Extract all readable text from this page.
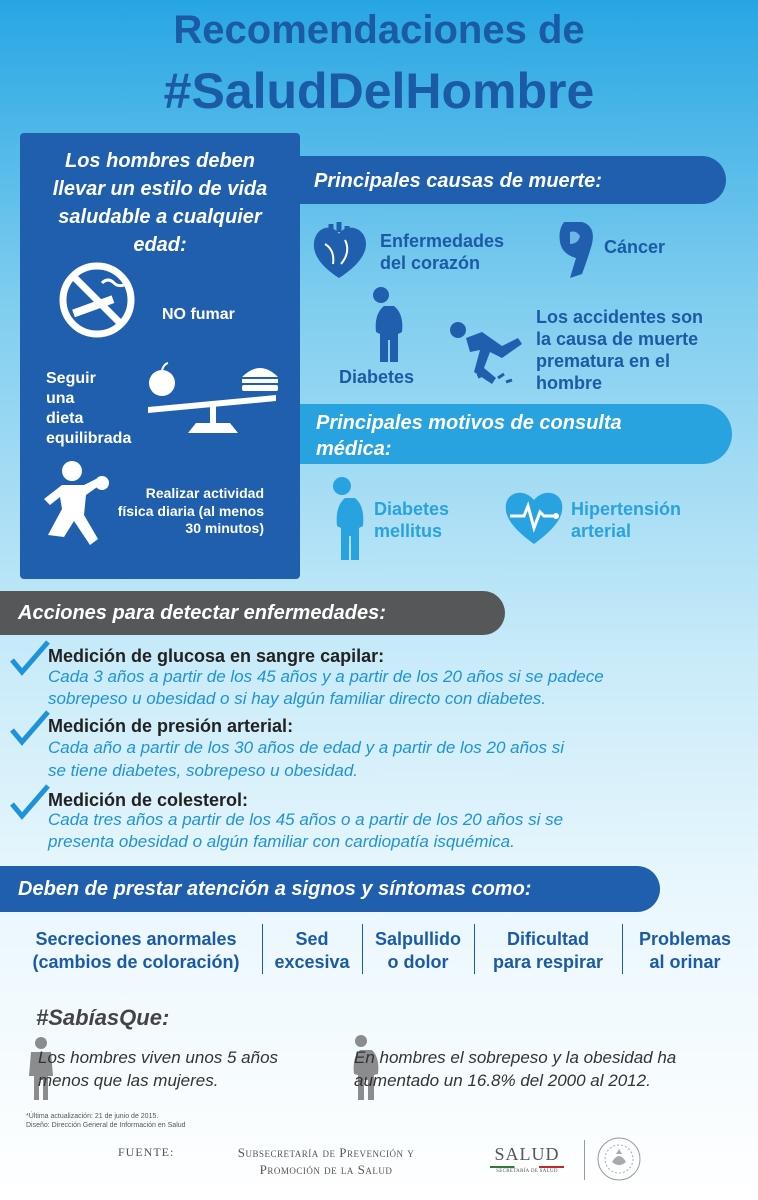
Recomendaciones de
#SaludDelHombre
Los hombres deben llevar un estilo de vida saludable a cualquier edad:
NO fumar
Seguir
una
dieta
equilibrada
Realizar actividad
física diaria (al menos
30 minutos)
Principales causas de muerte:
Enfermedades
del corazón
Cáncer
Diabetes
Los accidentes son
la causa de muerte
prematura en el
hombre
Principales motivos de consulta
médica:
Diabetes
mellitus
Hipertensión
arterial
Acciones para detectar enfermedades:
Medición de glucosa en sangre capilar:
Cada 3 años a partir de los 45 años y a partir de los 20 años si se padece
sobrepeso u obesidad o si hay algún familiar directo con diabetes.
Medición de presión arterial:
Cada año a partir de los 30 años de edad y a partir de los 20 años si
se tiene diabetes, sobrepeso u obesidad.
Medición de colesterol:
Cada tres años a partir de los 45 años o a partir de los 20 años si se
presenta obesidad o algún familiar con cardiopatía isquémica.
Deben de prestar atención a signos y síntomas como:
Secreciones anormales
(cambios de coloración)
Sed
excesiva
Salpullido
o dolor
Dificultad
para respirar
Problemas
al orinar
#SabíasQue:
Los hombres viven unos 5 años
menos que las mujeres.
En hombres el sobrepeso y la obesidad ha
aumentado un 16.8% del 2000 al 2012.
*Última actualización: 21 de junio de 2015.
Diseño: Dirección General de Información en Salud
FUENTE:	Subsecretaría de Prevención y
Promoción de la Salud
SALUD
SECRETARÍA DE SALUD
